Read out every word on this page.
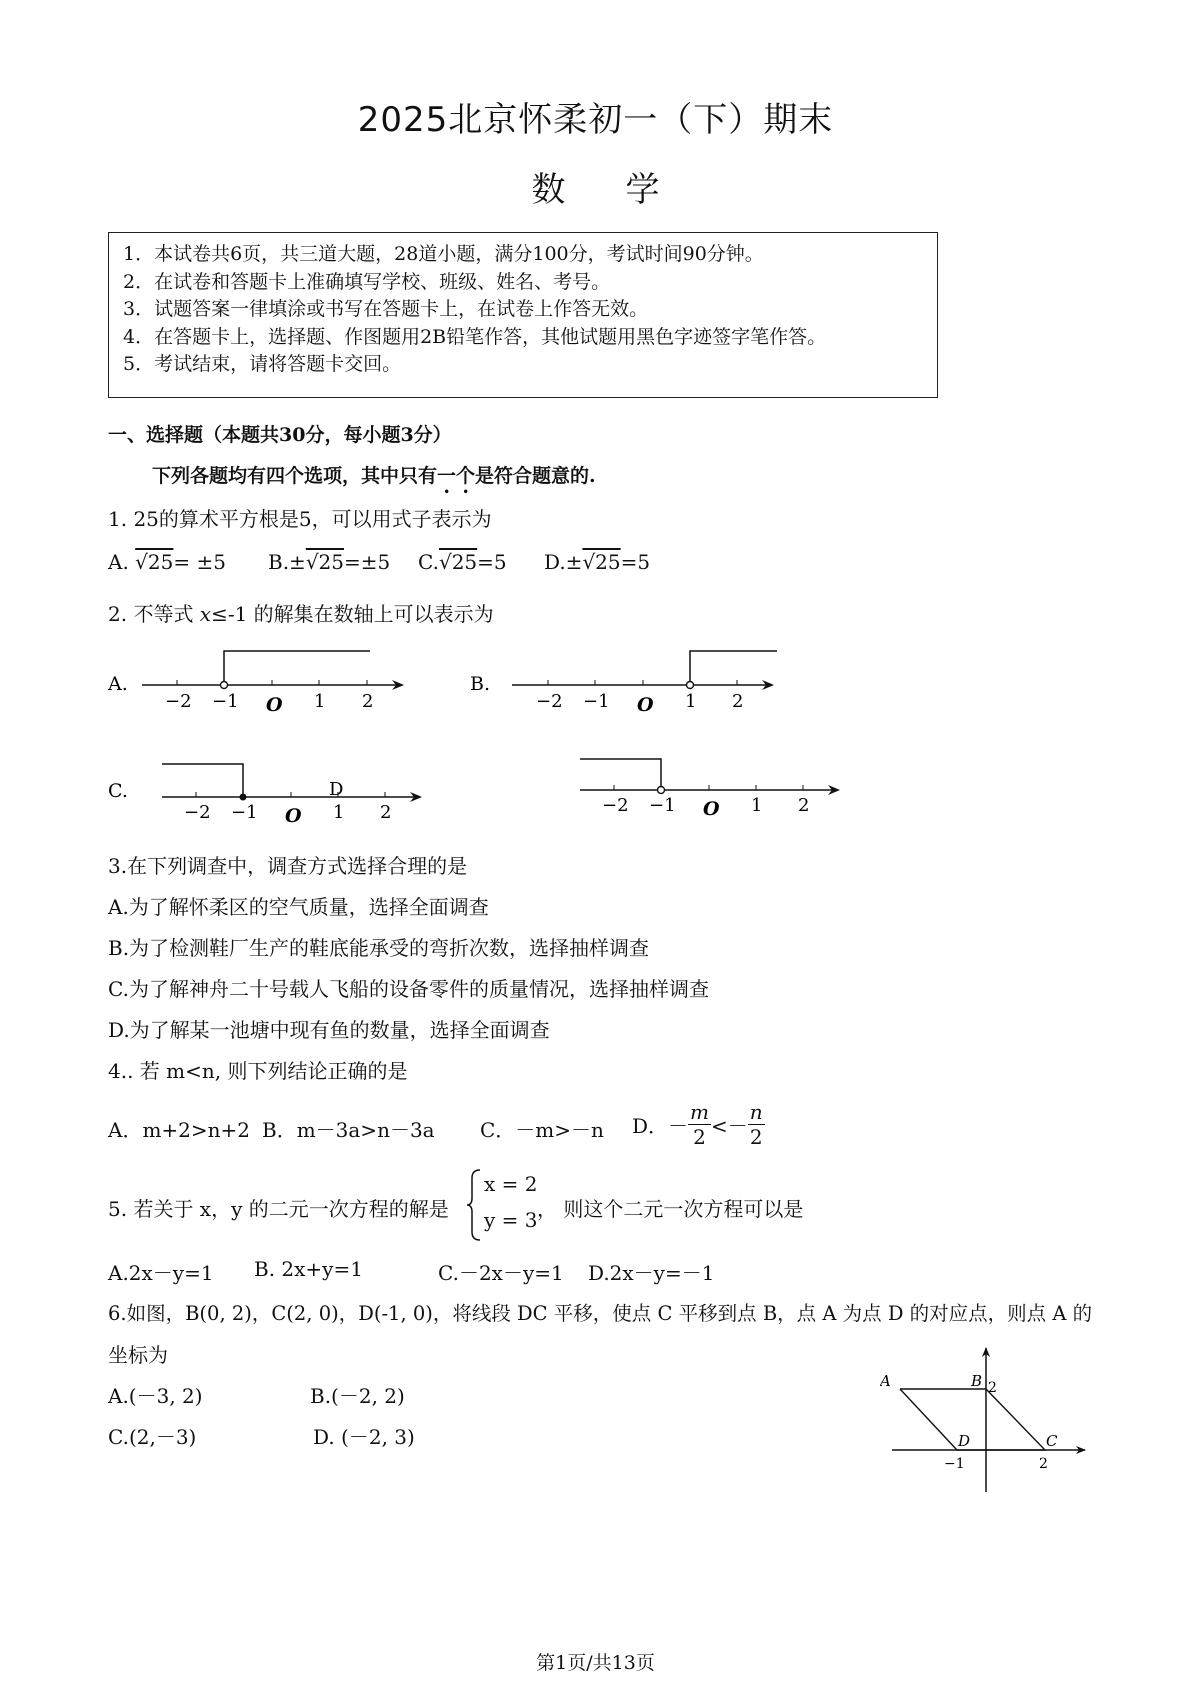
2025北京怀柔初一（下）期末
数学
1．本试卷共6页，共三道大题，28道小题，满分100分，考试时间90分钟。
2．在试卷和答题卡上准确填写学校、班级、姓名、考号。
3．试题答案一律填涂或书写在答题卡上，在试卷上作答无效。
4．在答题卡上，选择题、作图题用2B铅笔作答，其他试题用黑色字迹签字笔作答。
5．考试结束，请将答题卡交回。
一、选择题（本题共30分，每小题3分）
下列各题均有四个选项，其中只有一个是符合题意的.
1. 25的算术平方根是5，可以用式子表示为
A. √25= ±5 B.±√25=±5 C.√25=5 D.±√25=5
2. 不等式 x≤-1 的解集在数轴上可以表示为
A.
−2 −1 O 1 2
B.
−2 −1 O 1 2
C.
−2 −1 O
D
1 2	−2 −1 O 1 2
3.在下列调查中，调查方式选择合理的是
A.为了解怀柔区的空气质量，选择全面调查
B.为了检测鞋厂生产的鞋底能承受的弯折次数，选择抽样调查
C.为了解神舟二十号载人飞船的设备零件的质量情况，选择抽样调查
D.为了解某一池塘中现有鱼的数量，选择全面调查
4.. 若 m<n, 则下列结论正确的是
A．m+2>n+2 B．m－3a>n－3a C．－m>－n D．－ $\frac{m}{2} <- \frac{n}{2}$
5. 若关于 x，y 的二元一次方程的解是
x = 2
y = 3 ， 则这个二元一次方程可以是
A.2x－y=1 B. 2x+y=1	C.－2x－y=1 D.2x－y=－1
6.如图，B(0, 2)，C(2, 0)，D(-1, 0)，将线段 DC 平移，使点 C 平移到点 B，点 A 为点 D 的对应点，则点 A 的
坐标为
A.(－3, 2)	B.(－2, 2)
C.(2,－3)	D. (－2, 3)
A	B 2
D	C
−1	2
第1页/共13页
